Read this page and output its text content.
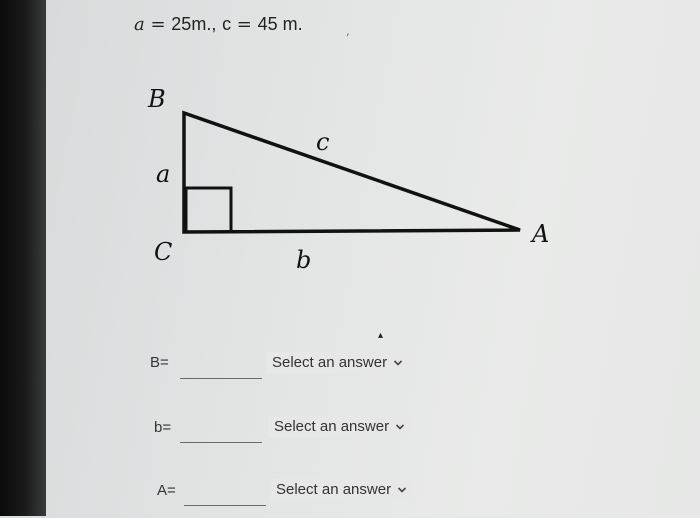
a = 25m., c = 45 m.	,
B
a
C
c
b
A
▴
B=	Select an answer
b=	Select an answer
A=	Select an answer
